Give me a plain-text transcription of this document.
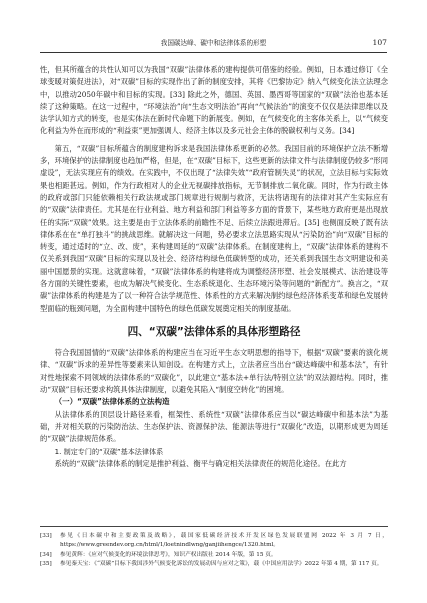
我国碳达峰、碳中和法律体系的形塑	107

性，但其所蕴含的共性认知可以为我国“双碳”法律体系的建构提供可借鉴的经验。例如，日本通过修订《全球变暖对策促进法》，对“双碳”目标的实现作出了新的制度安排，其将《巴黎协定》纳入气候变化法立法理念中，以推动2050年碳中和目标的实现。[33] 除此之外，德国、英国、墨西哥等国家的“双碳”法治也基本延续了这种策略。在这一过程中，“环境法治”向“生态文明法治”再向“气候法治”的演变不仅仅是法律思维以及法学认知方式的转变，也是实体法在新时代命题下的新展变。例如，在气候变化的主客体关系上，以“气候变化利益为外在而形成的“利益束”更加强调人、经济主体以及多元社会主体的脱碳权利与义务。[34]

第五，“双碳”目标所蕴含的制度建构诉求是我国法律体系更新的必然。我国目前的环境保护立法不断增多，环境保护的法律制度也趋加严格，但是，在“双碳”目标下，这些更新的法律文件与法律制度仍较多“形同虚设”，无法实现应有的绩效。在实践中，不仅出现了“法律失效”“政府管制失灵”的状况，立法目标与实际效果也相距甚远。例如，作为行政相对人的企业无视碳排放指标，无节制排放二氧化碳。同时，作为行政主体的政府或部门只能依赖相关行政法规或部门规章进行规制与救济，无法将诸现有的法律对其产生实际应有的“双碳”法律责任。尤其是在行业利益、地方利益和部门利益等多方面的背景下，某些地方政府更是出现放任的实际“双碳”效果。这主要是由于立法体系的前瞻性不足、后续立法跟进滞后。[35] 也侧面反映了既有法律体系在在“单打独斗”的挑战思维。就解决这一问题，势必要求立法思路实现从“污染防治”向“双碳”目标的转变，通过适时的“立、改、废”，来构建周延的“双碳”法律体系。在制度建构上，“双碳”法律体系的建构不仅关系到我国“双碳”目标的实现以及社会、经济结构绿色低碳转型的成功，还关系到我国生态文明建设和美丽中国愿景的实现。这就意味着，“双碳”法律体系的构建将成为调整经济形塑、社会发展模式、法治建设等各方面的关键性要素，也成为解决气候变化、生态系统退化、生态环境污染等问题的“新配方”。换言之，“双碳”法律体系的构建是为了以一种符合法学规范性、体系性的方式来解决制约绿色经济体系变革和绿色发展转型面临的瓶颈问题，为全面构建中国特色的绿色低碳发展奠定相关的制度基础。

四、“双碳”法律体系的具体形塑路径

符合我国国情的“双碳”法律体系的构建应当在习近平生态文明思想的指导下，根据“双碳”要素的演化规律、“双碳”诉求的差异性等要素来认知创设。在构建方式上，立法者应当出台“碳达峰碳中和基本法”，有针对性地探索不同领域的法律体系的“双碳化”，以此建立“基本法+单行法/特别立法”的双法源结构。同时，推动“双碳”目标还要求构筑具体法律制度，以避免其陷入“制度空转化”的困境。

（一）“双碳”法律体系的立法构造

从法律体系的顶层设计路径来看，框架性、系统性“双碳”法律体系应当以“碳达峰碳中和基本法”为基础，并对相关联的污染防治法、生态保护法、资源保护法、能源法等进行“双碳化”改造，以期形成更为周延的“双碳”法律规范体系。

1. 制定专门的“双碳”基本法律体系

系统的“双碳”法律体系的制定是推护利益、衡平与确定相关法律责任的规范化途径。在此方

[33] 参见《日本碳中和主要政策及战略》，载国家低碳经济技术开发区绿色发展联盟网 2022 年 3 月 7 日，https://www.greendev.org.cn/html/1/loetnindlwng/ganjiihengce/1320.html。
[34] 参见黄辉：《应对气候变化的环境法律思考》，知识产权出版社 2014 年版，第 15 页。
[35] 参见秦天宝：《“双碳”目标下我国涉外气候变化诉讼的发展动因与应对之策》，载《中国应用法学》2022 年第 4 期，第 117 页。
